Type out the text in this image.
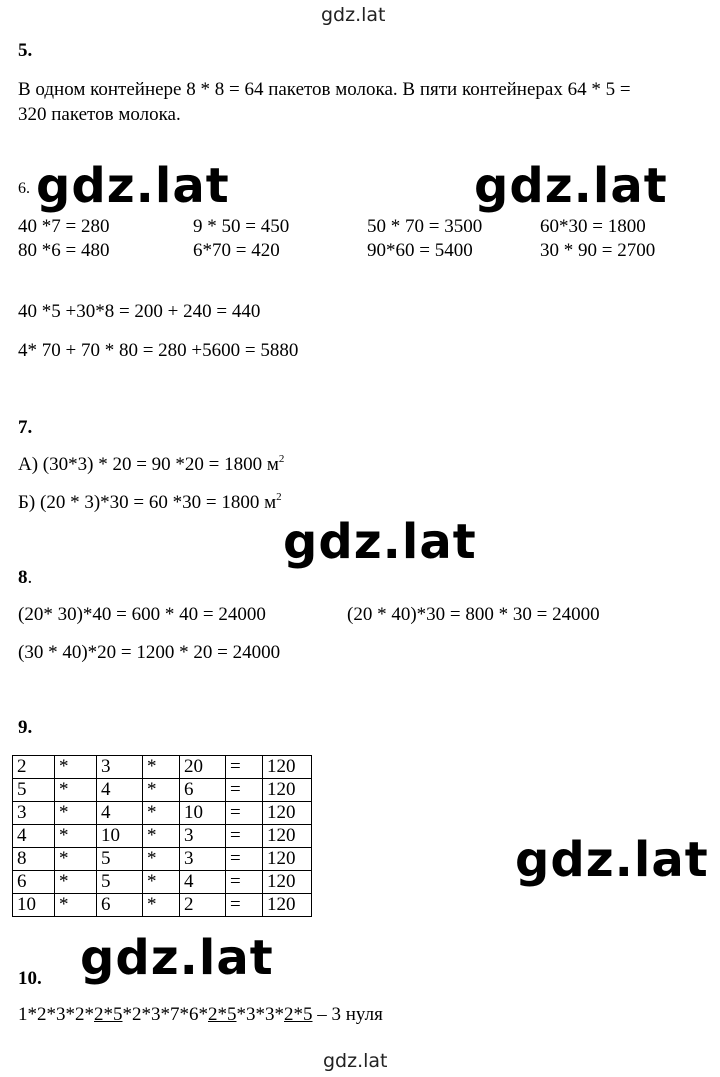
gdz.lat
5.
В одном контейнере 8 * 8 = 64 пакетов молока. В пяти контейнерах 64 * 5 =
320 пакетов молока.
6. gdz.lat	gdz.lat
40 *7 = 280	9 * 50 = 450	50 * 70 = 3500	60*30 = 1800
80 *6 = 480	6*70 = 420	90*60 = 5400	30 * 90 = 2700
40 *5 +30*8 = 200 + 240 = 440
4* 70 + 70 * 80 = 280 +5600 = 5880
7.
А) (30*3) * 20 = 90 *20 = 1800 $м^2$
Б) (20 * 3)*30 = 60 *30 = 1800 $м^2$
gdz.lat
8.
(20* 30)*40 = 600 * 40 = 24000	(20 * 40)*30 = 800 * 30 = 24000
(30 * 40)*20 = 1200 * 20 = 24000
9.
2	*	3	*	20	=	120
5	*	4	*	6	=	120
3	*	4	*	10	=	120
4	*	10	*	3	=	120
8	*	5	*	3	=	120
6	*	5	*	4	=	120
10	*	6	*	2	=	120
gdz.lat
10. gdz.lat
1*2*3*2*2*5*2*3*7*6*2*5*3*3*2*5 – 3 нуля
gdz.lat
